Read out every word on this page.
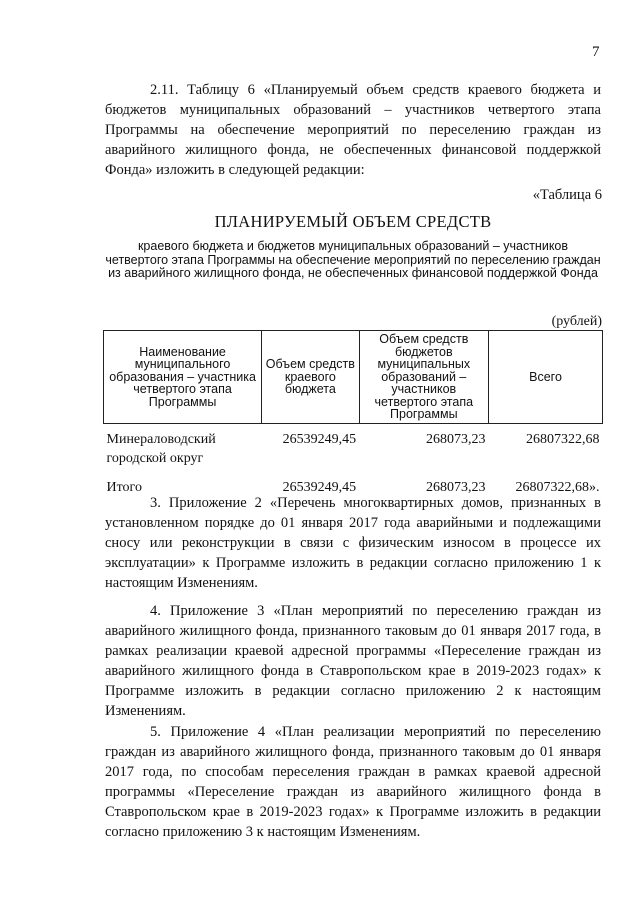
7

2.11. Таблицу 6 «Планируемый объем средств краевого бюджета и бюджетов муниципальных образований – участников четвертого этапа Программы на обеспечение мероприятий по переселению граждан из аварийного жилищного фонда, не обеспеченных финансовой поддержкой Фонда» изложить в следующей редакции:

«Таблица 6
ПЛАНИРУЕМЫЙ ОБЪЕМ СРЕДСТВ
краевого бюджета и бюджетов муниципальных образований – участников четвертого этапа Программы на обеспечение мероприятий по переселению граждан из аварийного жилищного фонда, не обеспеченных финансовой поддержкой Фонда
(рублей)
Наименование муниципального образования – участника четвертого этапа Программы	Объем средств краевого бюджета	Объем средств бюджетов муниципальных образований – участников четвертого этапа Программы	Всего
Минераловодский городской округ	26539249,45	268073,23	26807322,68
Итого	26539249,45	268073,23	26807322,68».

3. Приложение 2 «Перечень многоквартирных домов, признанных в установленном порядке до 01 января 2017 года аварийными и подлежащими сносу или реконструкции в связи с физическим износом в процессе их эксплуатации» к Программе изложить в редакции согласно приложению 1 к настоящим Изменениям.

4. Приложение 3 «План мероприятий по переселению граждан из аварийного жилищного фонда, признанного таковым до 01 января 2017 года, в рамках реализации краевой адресной программы «Переселение граждан из аварийного жилищного фонда в Ставропольском крае в 2019-2023 годах» к Программе изложить в редакции согласно приложению 2 к настоящим Изменениям.

5. Приложение 4 «План реализации мероприятий по переселению граждан из аварийного жилищного фонда, признанного таковым до 01 января 2017 года, по способам переселения граждан в рамках краевой адресной программы «Переселение граждан из аварийного жилищного фонда в Ставропольском крае в 2019-2023 годах» к Программе изложить в редакции согласно приложению 3 к настоящим Изменениям.
